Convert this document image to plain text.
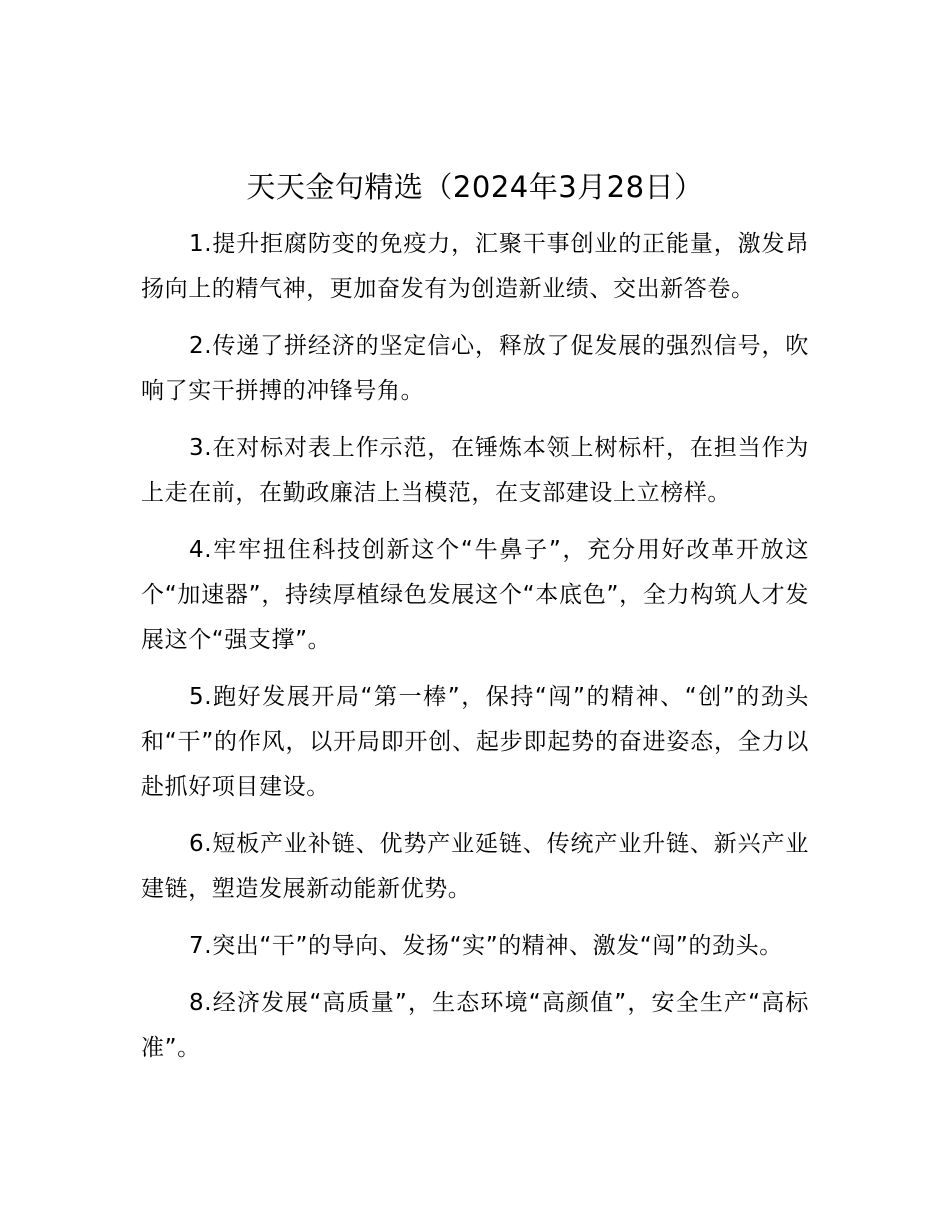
天天金句精选（2024年3月28日）

1.提升拒腐防变的免疫力，汇聚干事创业的正能量，激发昂扬向上的精气神，更加奋发有为创造新业绩、交出新答卷。

2.传递了拼经济的坚定信心，释放了促发展的强烈信号，吹响了实干拼搏的冲锋号角。

3.在对标对表上作示范，在锤炼本领上树标杆，在担当作为上走在前，在勤政廉洁上当模范，在支部建设上立榜样。

4.牢牢扭住科技创新这个“牛鼻子”，充分用好改革开放这个“加速器”，持续厚植绿色发展这个“本底色”，全力构筑人才发展这个“强支撑”。

5.跑好发展开局“第一棒”，保持“闯”的精神、“创”的劲头和“干”的作风，以开局即开创、起步即起势的奋进姿态，全力以赴抓好项目建设。

6.短板产业补链、优势产业延链、传统产业升链、新兴产业建链，塑造发展新动能新优势。

7.突出“干”的导向、发扬“实”的精神、激发“闯”的劲头。

8.经济发展“高质量”，生态环境“高颜值”，安全生产“高标准”。
